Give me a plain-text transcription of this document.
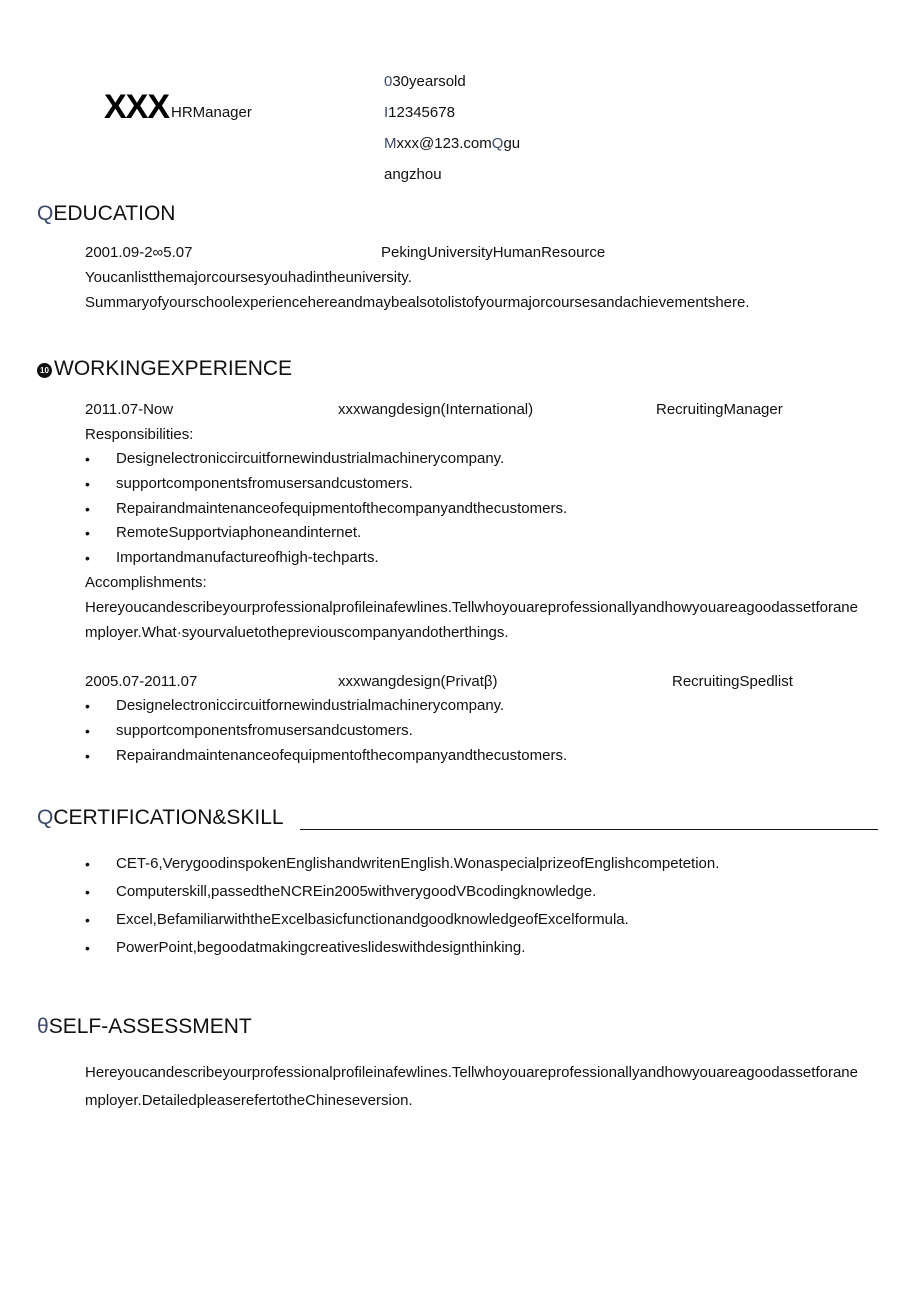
XXX HRManager
030yearsold
I12345678
Mxxx@123.comQgu
angzhou
QEDUCATION
2001.09-2∞5.07	PekingUniversityHumanResource
Youcanlistthemajorcoursesyouhadintheuniversity.
Summaryofyourschoolexperiencehereandmaybealsotolistofyourmajorcoursesandachievementshere.
10 WORKINGEXPERIENCE
2011.07-Now	xxxwangdesign(International)	RecruitingManager
Responsibilities:
• Designelectroniccircuitfornewindustrialmachinerycompany.
• supportcomponentsfromusersandcustomers.
• Repairandmaintenanceofequipmentofthecompanyandthecustomers.
• RemoteSupportviaphoneandinternet.
• Importandmanufactureofhigh-techparts.
Accomplishments:
Hereyoucandescribeyourprofessionalprofileinafewlines.Tellwhoyouareprofessionallyandhowyouareagoodassetforane
mployer.What·syourvaluetothepreviouscompanyandotherthings.
2005.07-2011.07	xxxwangdesign(Privatβ)	RecruitingSpedlist
• Designelectroniccircuitfornewindustrialmachinerycompany.
• supportcomponentsfromusersandcustomers.
• Repairandmaintenanceofequipmentofthecompanyandthecustomers.
QCERTIFICATION&SKILL
• CET-6,VerygoodinspokenEnglishandwritenEnglish.WonaspecialprizeofEnglishcompetetion.
• Computerskill,passedtheNCREin2005withverygoodVBcodingknowledge.
• Excel,BefamiliarwiththeExcelbasicfunctionandgoodknowledgeofExcelformula.
• PowerPoint,begoodatmakingcreativeslideswithdesignthinking.
θSELF-ASSESSMENT
Hereyoucandescribeyourprofessionalprofileinafewlines.Tellwhoyouareprofessionallyandhowyouareagoodassetforane
mployer.DetailedpleaserefertotheChineseversion.
